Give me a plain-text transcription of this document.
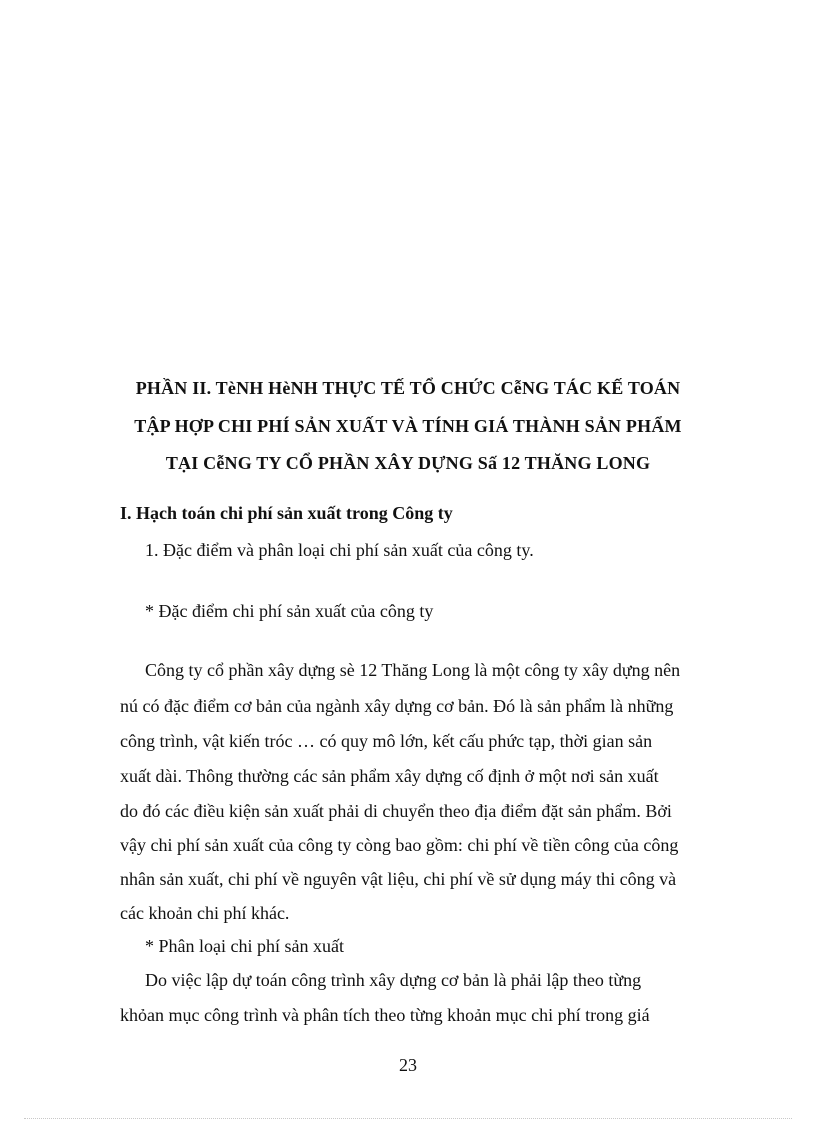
PHẦN II. TèNH HèNH THỰC TẾ TỔ CHỨC CễNG TÁC KẾ TOÁN
TẬP HỢP CHI PHÍ SẢN XUẤT VÀ TÍNH GIÁ THÀNH SẢN PHẨM
TẠI CễNG TY CỔ PHẦN XÂY DỰNG Sấ 12 THĂNG LONG
I. Hạch toán chi phí sản xuất trong Công ty
1. Đặc điểm và phân loại chi phí sản xuất của công ty.
* Đặc điểm chi phí sản xuất của công ty
Công ty cổ phần xây dựng sè 12 Thăng Long là một công ty xây dựng nên
nú có đặc điểm cơ bản của ngành xây dựng cơ bản. Đó là sản phẩm là những
công trình, vật kiến tróc … có quy mô lớn, kết cấu phức tạp, thời gian sản
xuất dài. Thông thường các sản phẩm xây dựng cố định ở một nơi sản xuất
do đó các điều kiện sản xuất phải di chuyển theo địa điểm đặt sản phẩm. Bởi
vậy chi phí sản xuất của công ty còng bao gồm: chi phí về tiền công của công
nhân sản xuất, chi phí về nguyên vật liệu, chi phí về sử dụng máy thi công và
các khoản chi phí khác.
* Phân loại chi phí sản xuất
Do việc lập dự toán công trình xây dựng cơ bản là phải lập theo từng
khỏan mục công trình và phân tích theo từng khoản mục chi phí trong giá
23
